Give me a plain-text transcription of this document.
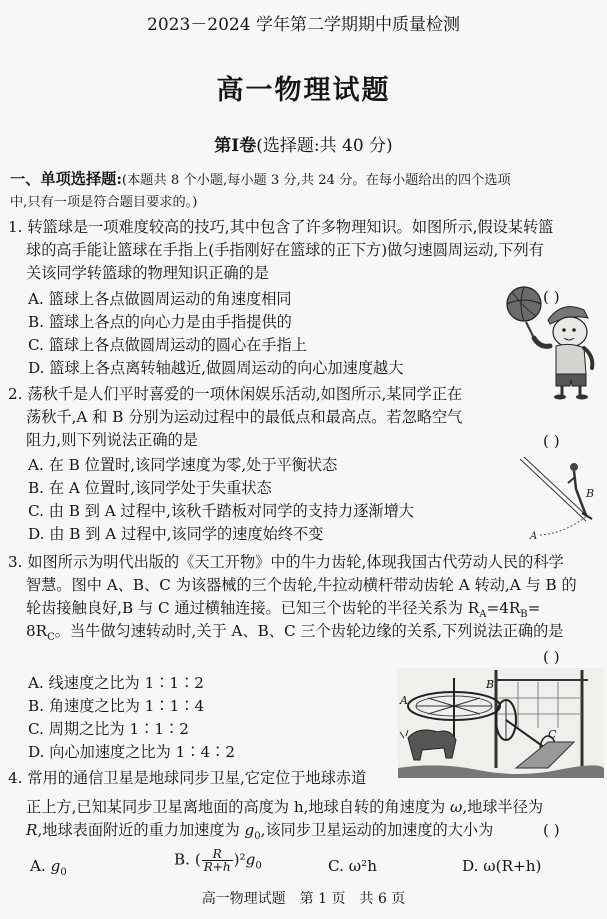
2023－2024 学年第二学期期中质量检测
高一物理试题
第Ⅰ卷(选择题:共 40 分)
一、单项选择题:(本题共 8 个小题,每小题 3 分,共 24 分。在每小题给出的四个选项
中,只有一项是符合题目要求的。)
1. 转篮球是一项难度较高的技巧,其中包含了许多物理知识。如图所示,假设某转篮
球的高手能让篮球在手指上(手指刚好在篮球的正下方)做匀速圆周运动,下列有
关该同学转篮球的物理知识正确的是
( )
A. 篮球上各点做圆周运动的角速度相同
B. 篮球上各点的向心力是由手指提供的
C. 篮球上各点做圆周运动的圆心在手指上
D. 篮球上各点离转轴越近,做圆周运动的向心加速度越大
2. 荡秋千是人们平时喜爱的一项休闲娱乐活动,如图所示,某同学正在
荡秋千,A 和 B 分别为运动过程中的最低点和最高点。若忽略空气
阻力,则下列说法正确的是	( )
A. 在 B 位置时,该同学速度为零,处于平衡状态
B. 在 A 位置时,该同学处于失重状态
C. 由 B 到 A 过程中,该秋千踏板对同学的支持力逐渐增大
D. 由 B 到 A 过程中,该同学的速度始终不变
B
A
3. 如图所示为明代出版的《天工开物》中的牛力齿轮,体现我国古代劳动人民的科学
智慧。图中 A、B、C 为该器械的三个齿轮,牛拉动横杆带动齿轮 A 转动,A 与 B 的
轮齿接触良好,B 与 C 通过横轴连接。已知三个齿轮的半径关系为 $R_A=4R_B=$
$8R_C$。当牛做匀速转动时,关于 A、B、C 三个齿轮边缘的关系,下列说法正确的是
( )
A. 线速度之比为 1∶1∶2
B. 角速度之比为 1∶1∶4
C. 周期之比为 1∶1∶2
D. 向心加速度之比为 1∶4∶2
A
B
C
4. 常用的通信卫星是地球同步卫星,它定位于地球赤道
正上方,已知某同步卫星离地面的高度为 h,地球自转的角速度为 ω,地球半径为
R,地球表面附近的重力加速度为 $g_0$,该同步卫星运动的加速度的大小为	( )
A. $g_0$
B. ( $\frac{R}{R+h} )^2g_0$	C. ω²h	D. ω(R+h)
高一物理试题　第 1 页　共 6 页
